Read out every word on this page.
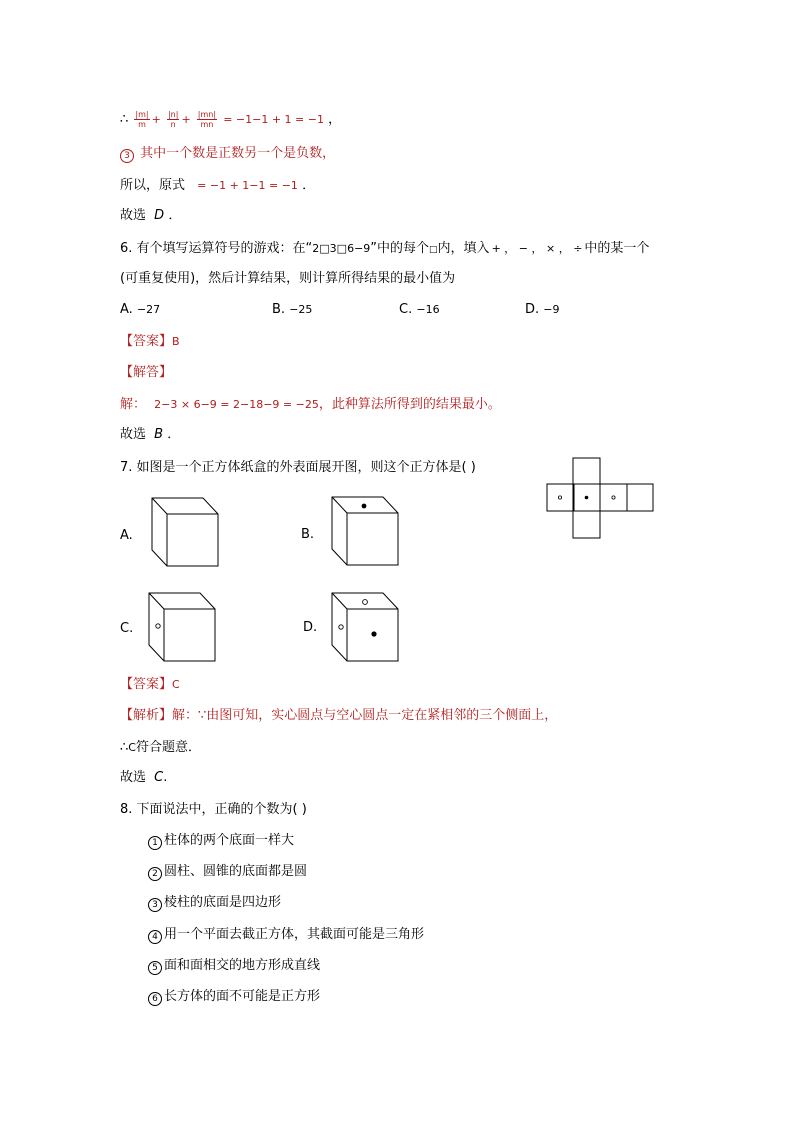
∴ $\frac{|m|}{m} + \frac{|n|}{n} + \frac{|mn|}{mn} = -1-1 + 1 = -1$ ，
3 其中一个数是正数另一个是负数，
所以，原式 = −1 + 1−1 = −1 ．
故选 D ．
6. 有个填写运算符号的游戏：在“2□3□6−9”中的每个□内，填入 + ， − ， × ， ÷ 中的某一个
(可重复使用)，然后计算结果，则计算所得结果的最小值为
A. −27	B. −25	C. −16	D. −9
【答案】B
【解答】
解： 2−3 × 6−9 = 2−18−9 = −25，此种算法所得到的结果最小。
故选 B ．
7. 如图是一个正方体纸盒的外表面展开图，则这个正方体是( )
A.	B.
C.	D.
【答案】C
【解析】解：∵由图可知，实心圆点与空心圆点一定在紧相邻的三个侧面上，
∴C符合题意．
故选 C.
8. 下面说法中，正确的个数为( )
1 柱体的两个底面一样大
2 圆柱、圆锥的底面都是圆
3 棱柱的底面是四边形
4 用一个平面去截正方体，其截面可能是三角形
5 面和面相交的地方形成直线
6 长方体的面不可能是正方形
